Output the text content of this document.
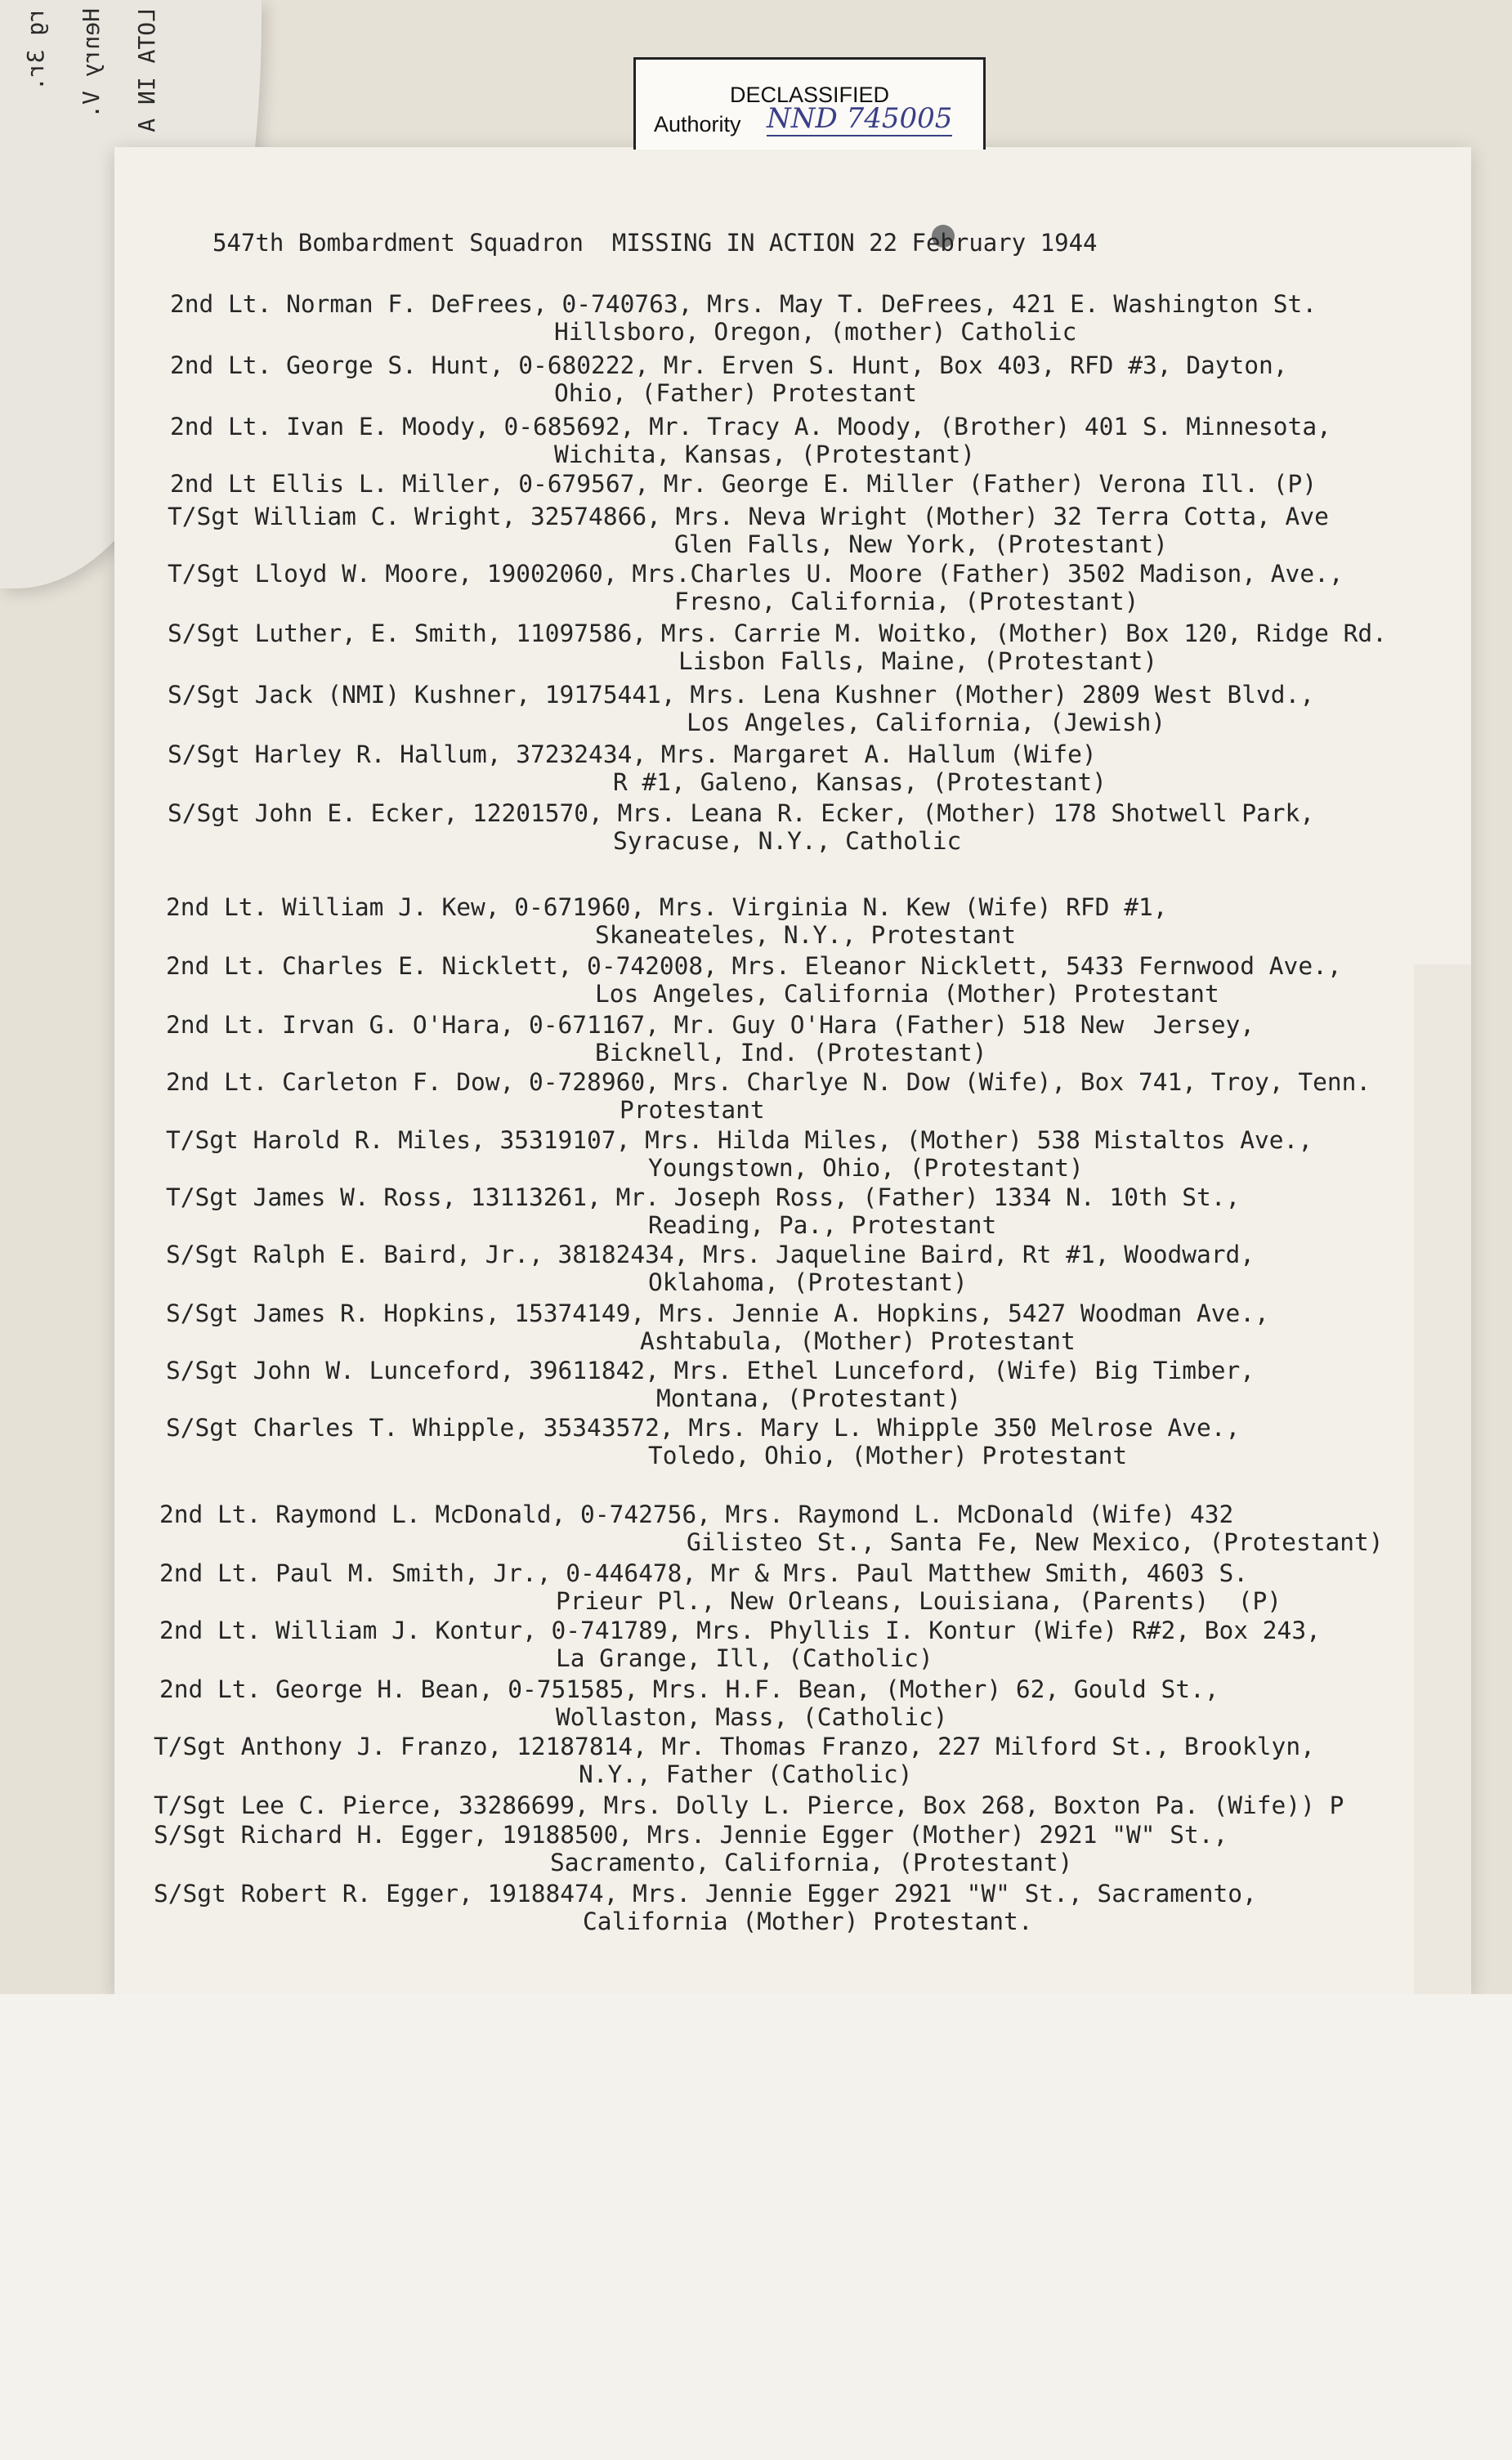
rg 3r.
Henry V.
LOTA IN A
DECLASSIFIED
Authority NND 745005
547th Bombardment Squadron  MISSING IN ACTION 22 February 1944
2nd Lt. Norman F. DeFrees, 0-740763, Mrs. May T. DeFrees, 421 E. Washington St.
Hillsboro, Oregon, (mother) Catholic
2nd Lt. George S. Hunt, 0-680222, Mr. Erven S. Hunt, Box 403, RFD #3, Dayton,
Ohio, (Father) Protestant
2nd Lt. Ivan E. Moody, 0-685692, Mr. Tracy A. Moody, (Brother) 401 S. Minnesota,
Wichita, Kansas, (Protestant)
2nd Lt Ellis L. Miller, 0-679567, Mr. George E. Miller (Father) Verona Ill. (P)
T/Sgt William C. Wright, 32574866, Mrs. Neva Wright (Mother) 32 Terra Cotta, Ave
Glen Falls, New York, (Protestant)
T/Sgt Lloyd W. Moore, 19002060, Mrs.Charles U. Moore (Father) 3502 Madison, Ave.,
Fresno, California, (Protestant)
S/Sgt Luther, E. Smith, 11097586, Mrs. Carrie M. Woitko, (Mother) Box 120, Ridge Rd.
Lisbon Falls, Maine, (Protestant)
S/Sgt Jack (NMI) Kushner, 19175441, Mrs. Lena Kushner (Mother) 2809 West Blvd.,
Los Angeles, California, (Jewish)
S/Sgt Harley R. Hallum, 37232434, Mrs. Margaret A. Hallum (Wife)
R #1, Galeno, Kansas, (Protestant)
S/Sgt John E. Ecker, 12201570, Mrs. Leana R. Ecker, (Mother) 178 Shotwell Park,
Syracuse, N.Y., Catholic
2nd Lt. William J. Kew, 0-671960, Mrs. Virginia N. Kew (Wife) RFD #1,
Skaneateles, N.Y., Protestant
2nd Lt. Charles E. Nicklett, 0-742008, Mrs. Eleanor Nicklett, 5433 Fernwood Ave.,
Los Angeles, California (Mother) Protestant
2nd Lt. Irvan G. O'Hara, 0-671167, Mr. Guy O'Hara (Father) 518 New  Jersey,
Bicknell, Ind. (Protestant)
2nd Lt. Carleton F. Dow, 0-728960, Mrs. Charlye N. Dow (Wife), Box 741, Troy, Tenn.
Protestant
T/Sgt Harold R. Miles, 35319107, Mrs. Hilda Miles, (Mother) 538 Mistaltos Ave.,
Youngstown, Ohio, (Protestant)
T/Sgt James W. Ross, 13113261, Mr. Joseph Ross, (Father) 1334 N. 10th St.,
Reading, Pa., Protestant
S/Sgt Ralph E. Baird, Jr., 38182434, Mrs. Jaqueline Baird, Rt #1, Woodward,
Oklahoma, (Protestant)
S/Sgt James R. Hopkins, 15374149, Mrs. Jennie A. Hopkins, 5427 Woodman Ave.,
Ashtabula, (Mother) Protestant
S/Sgt John W. Lunceford, 39611842, Mrs. Ethel Lunceford, (Wife) Big Timber,
Montana, (Protestant)
S/Sgt Charles T. Whipple, 35343572, Mrs. Mary L. Whipple 350 Melrose Ave.,
Toledo, Ohio, (Mother) Protestant
2nd Lt. Raymond L. McDonald, 0-742756, Mrs. Raymond L. McDonald (Wife) 432
Gilisteo St., Santa Fe, New Mexico, (Protestant)
2nd Lt. Paul M. Smith, Jr., 0-446478, Mr & Mrs. Paul Matthew Smith, 4603 S.
Prieur Pl., New Orleans, Louisiana, (Parents)  (P)
2nd Lt. William J. Kontur, 0-741789, Mrs. Phyllis I. Kontur (Wife) R#2, Box 243,
La Grange, Ill, (Catholic)
2nd Lt. George H. Bean, 0-751585, Mrs. H.F. Bean, (Mother) 62, Gould St.,
Wollaston, Mass, (Catholic)
T/Sgt Anthony J. Franzo, 12187814, Mr. Thomas Franzo, 227 Milford St., Brooklyn,
N.Y., Father (Catholic)
T/Sgt Lee C. Pierce, 33286699, Mrs. Dolly L. Pierce, Box 268, Boxton Pa. (Wife)) P
S/Sgt Richard H. Egger, 19188500, Mrs. Jennie Egger (Mother) 2921 "W" St.,
Sacramento, California, (Protestant)
S/Sgt Robert R. Egger, 19188474, Mrs. Jennie Egger 2921 "W" St., Sacramento,
California (Mother) Protestant.
